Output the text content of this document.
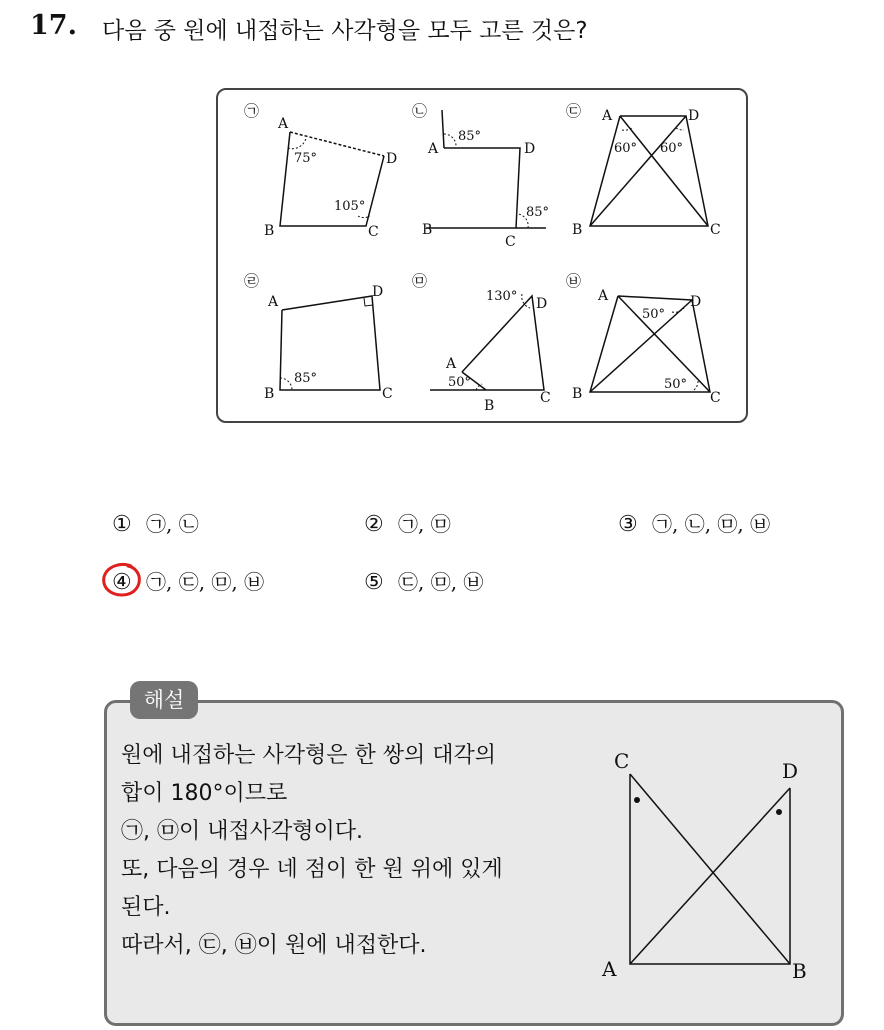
17. 다음 중 원에 내접하는 사각형을 모두 고른 것은?
㉠
A
B	C
D
75°
105°
㉡
A
B
C
D
85°
85°
㉢ A
B	C
D
60° 60°
㉣
A
B	C
D
85°
㉤
A
B	C
D
130°
50°
㉥
A
B	C
D
50°
50°
① ㉠, ㉡	② ㉠, ㉤	③ ㉠, ㉡, ㉤, ㉥
④ ㉠, ㉢, ㉤, ㉥	⑤ ㉢, ㉤, ㉥
해설
원에 내접하는 사각형은 한 쌍의 대각의
합이 180°이므로
㉠, ㉤이 내접사각형이다.
또, 다음의 경우 네 점이 한 원 위에 있게
된다.
따라서, ㉢, ㉥이 원에 내접한다.
C	D
A	B
